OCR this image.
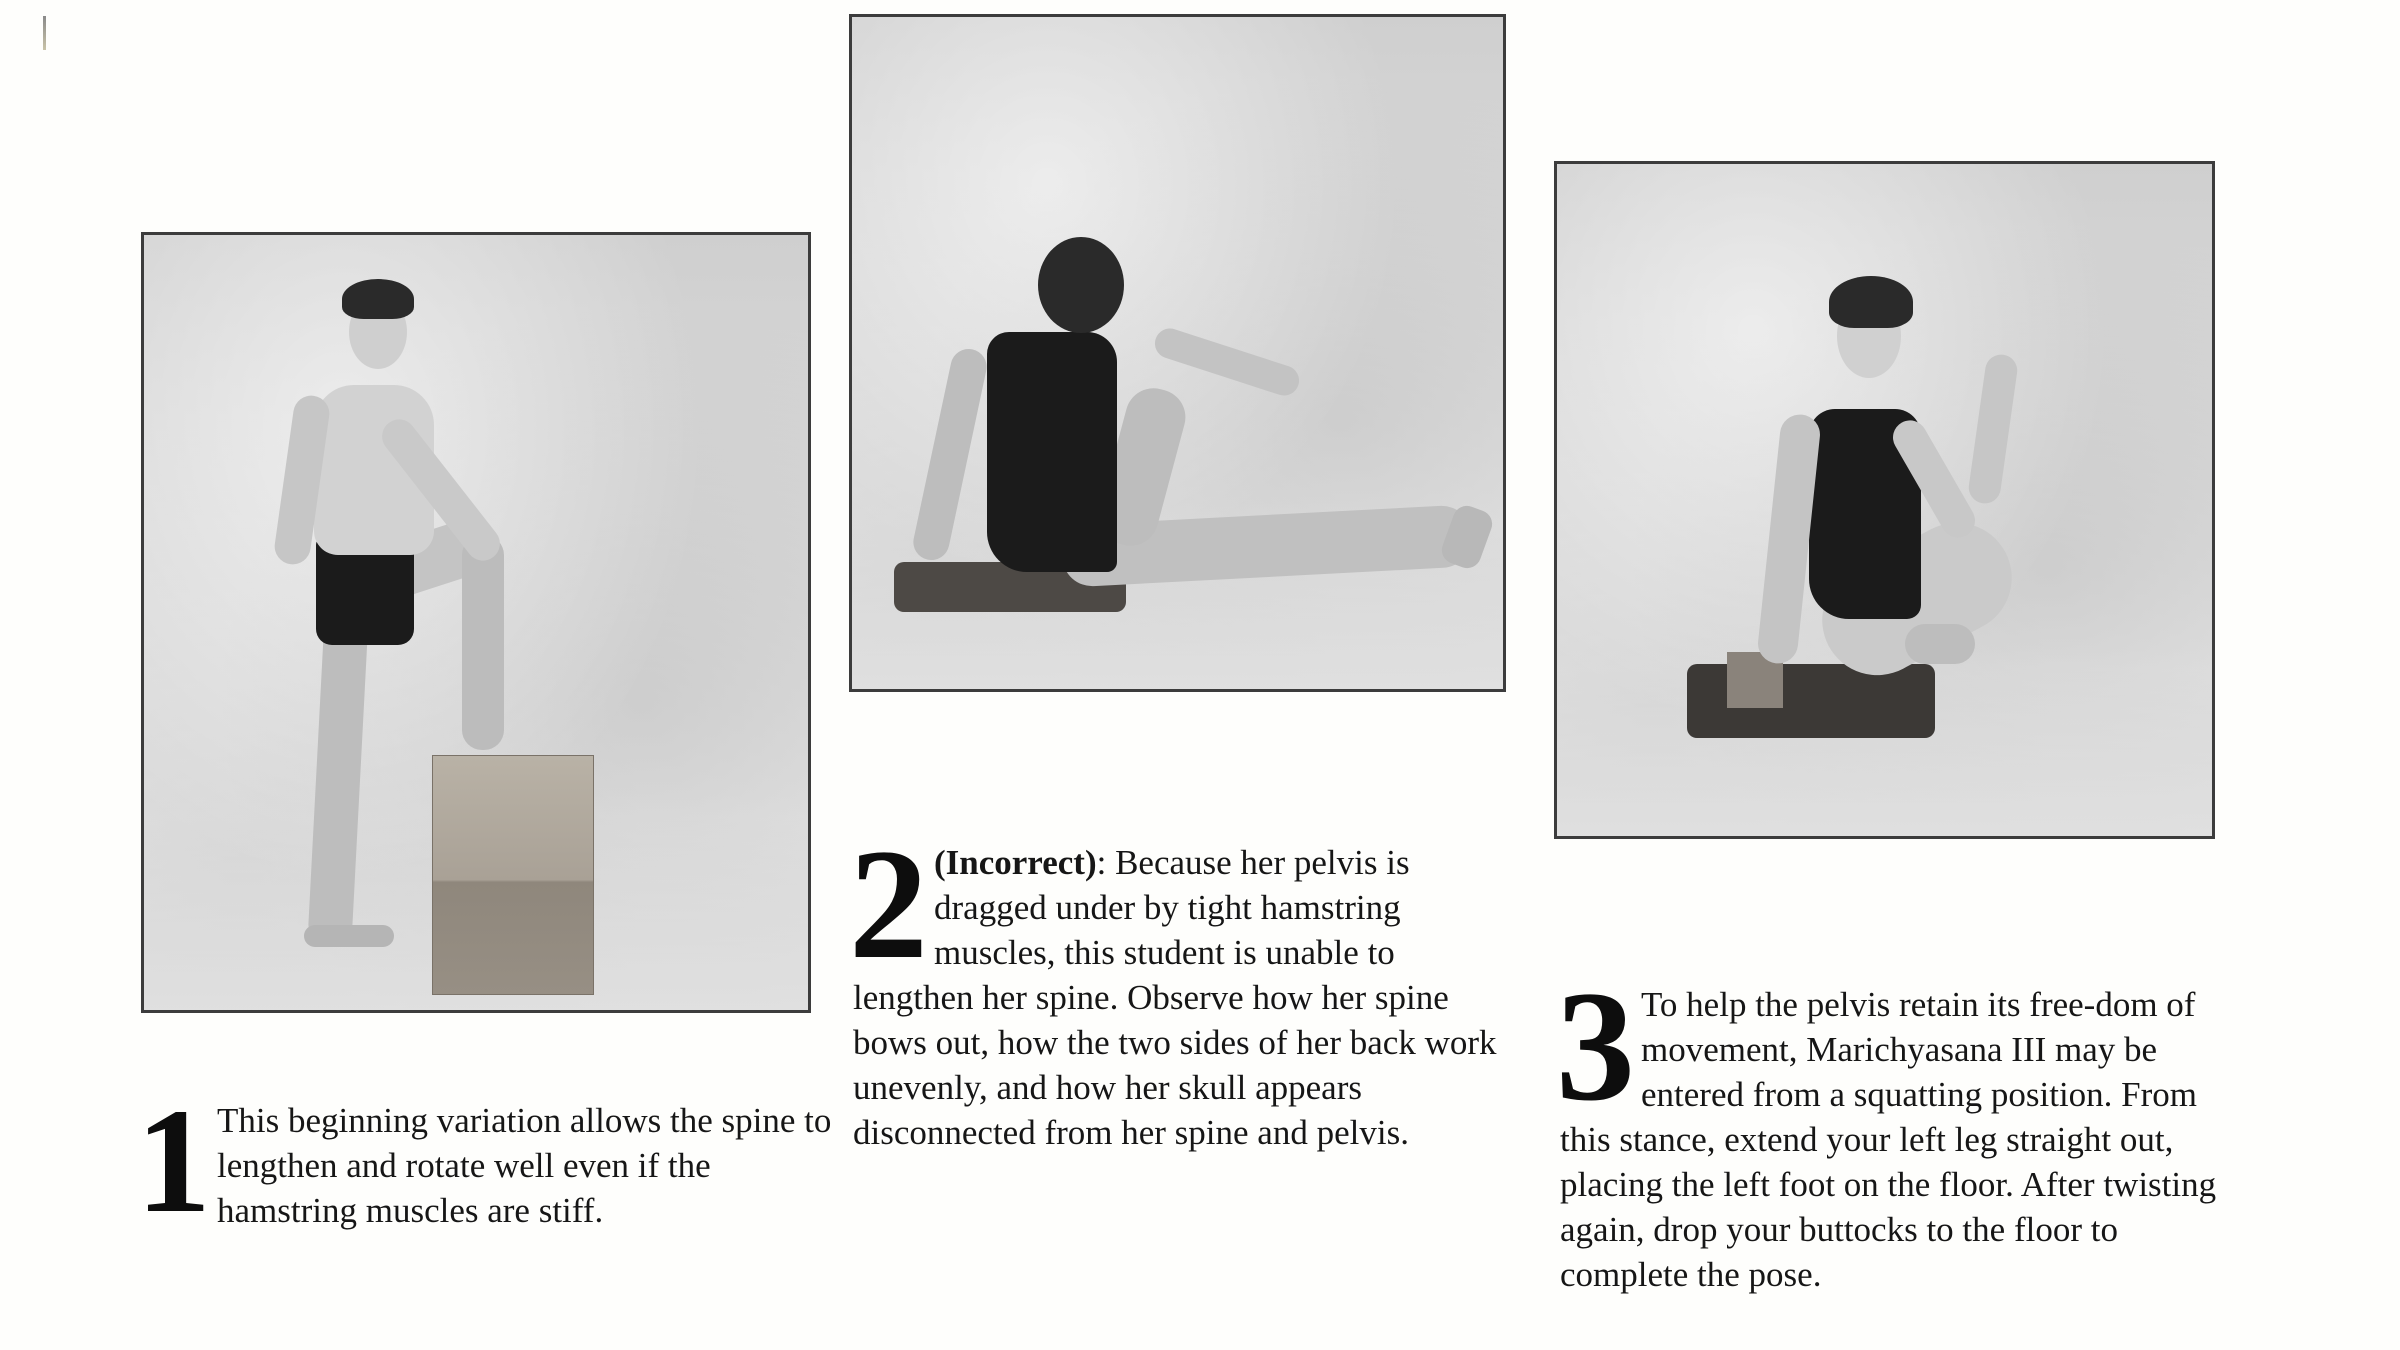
1 This beginning variation allows the spine to lengthen and rotate well even if the hamstring muscles are stiff.
2 (Incorrect): Because her pelvis is dragged under by tight hamstring muscles, this student is unable to lengthen her spine. Observe how her spine bows out, how the two sides of her back work unevenly, and how her skull appears disconnected from her spine and pelvis. 3 To help the pelvis retain its free-dom of movement, Marichyasana III may be entered from a squatting position. From this stance, extend your left leg straight out, placing the left foot on the floor. After twisting again, drop your buttocks to the floor to complete the pose.
